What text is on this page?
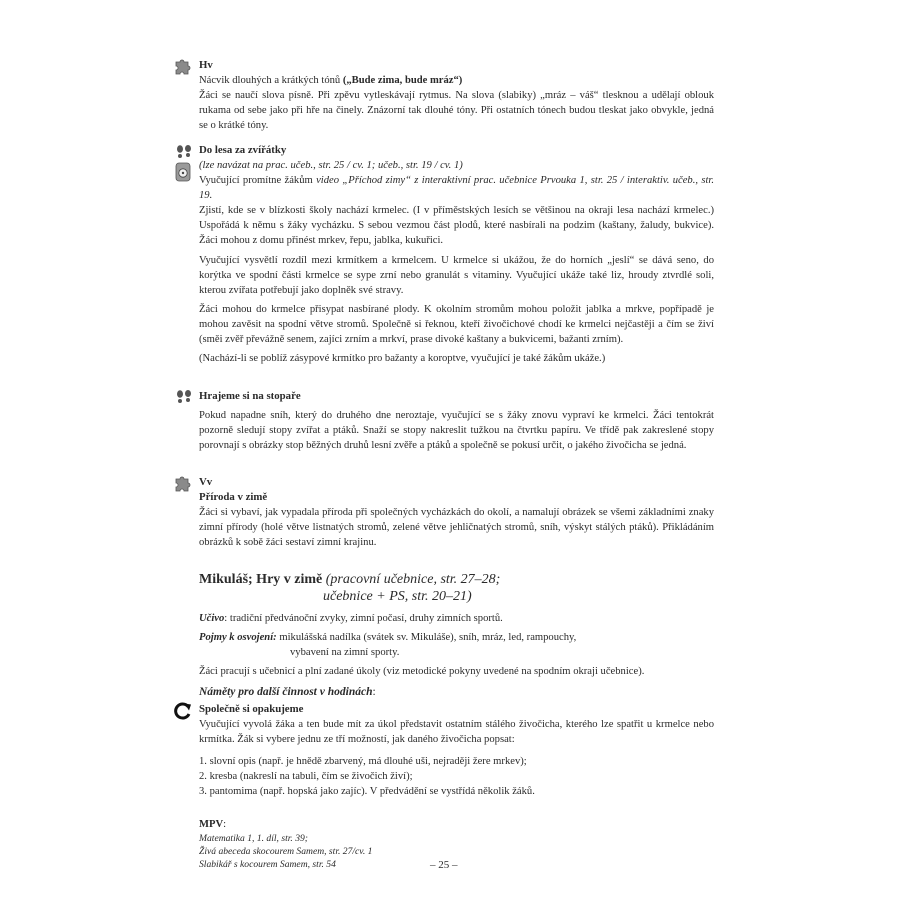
Hv

Nácvik dlouhých a krátkých tónů („Bude zima, bude mráz“)

Žáci se naučí slova písně. Při zpěvu vytleskávají rytmus. Na slova (slabiky) „mráz – váš“ tlesknou a udělají oblouk rukama od sebe jako při hře na činely. Znázorní tak dlouhé tóny. Při ostatních tónech budou tleskat jako obvykle, jedná se o krátké tóny.

Do lesa za zvířátky

(lze navázat na prac. učeb., str. 25 / cv. 1; učeb., str. 19 / cv. 1)

Vyučující promítne žákům video „Příchod zimy“ z interaktivní prac. učebnice Prvouka 1, str. 25 / interaktiv. učeb., str. 19.

Zjistí, kde se v blízkosti školy nachází krmelec. (I v příměstských lesích se většinou na okraji lesa nachází krmelec.) Uspořádá k němu s žáky vycházku. S sebou vezmou část plodů, které nasbírali na podzim (kaštany, žaludy, bukvice). Žáci mohou z domu přinést mrkev, řepu, jablka, kukuřici.

Vyučující vysvětlí rozdíl mezi krmítkem a krmelcem. U krmelce si ukážou, že do horních „jeslí“ se dává seno, do korýtka ve spodní části krmelce se sype zrní nebo granulát s vitaminy. Vyučující ukáže také liz, hroudy ztvrdlé soli, kterou zvířata potřebují jako doplněk své stravy.

Žáci mohou do krmelce přisypat nasbírané plody. K okolním stromům mohou položit jablka a mrkve, popřípadě je mohou zavěsit na spodní větve stromů. Společně si řeknou, kteří živočichové chodí ke krmelci nejčastěji a čím se živí (směi zvěř převážně senem, zajíci zrním a mrkví, prase divoké kaštany a bukvicemi, bažanti zrním).

(Nachází-li se poblíž zásypové krmítko pro bažanty a koroptve, vyučující je také žákům ukáže.)

Hrajeme si na stopaře

Pokud napadne sníh, který do druhého dne neroztaje, vyučující se s žáky znovu vypraví ke krmelci. Žáci tentokrát pozorně sledují stopy zvířat a ptáků. Snaží se stopy nakreslit tužkou na čtvrtku papíru. Ve třídě pak zakreslené stopy porovnají s obrázky stop běžných druhů lesní zvěře a ptáků a společně se pokusí určit, o jakého živočicha se jedná.

Vv

Příroda v zimě

Žáci si vybaví, jak vypadala příroda při společných vycházkách do okolí, a namalují obrázek se všemi základními znaky zimní přírody (holé větve listnatých stromů, zelené větve jehličnatých stromů, sníh, výskyt stálých ptáků). Přikládáním obrázků k sobě žáci sestaví zimní krajinu.

Mikuláš; Hry v zimě (pracovní učebnice, str. 27–28;

učebnice + PS, str. 20–21)

Učivo: tradiční předvánoční zvyky, zimní počasí, druhy zimních sportů.

Pojmy k osvojení: mikulášská nadílka (svátek sv. Mikuláše), sníh, mráz, led, rampouchy,

vybavení na zimní sporty.

Žáci pracují s učebnicí a plní zadané úkoly (viz metodické pokyny uvedené na spodním okraji učebnice).

Náměty pro další činnost v hodinách:

Společně si opakujeme

Vyučující vyvolá žáka a ten bude mít za úkol představit ostatním stálého živočicha, kterého lze spatřit u krmelce nebo krmítka. Žák si vybere jednu ze tří možností, jak daného živočicha popsat:

1. slovní opis (např. je hnědě zbarvený, má dlouhé uši, nejraději žere mrkev);

2. kresba (nakreslí na tabuli, čím se živočich živí);

3. pantomima (např. hopská jako zajíc). V předvádění se vystřídá několik žáků.

MPV:

Matematika 1, 1. díl, str. 39;

Živá abeceda skocourem Samem, str. 27/cv. 1

Slabikář s kocourem Samem, str. 54	– 25 –
